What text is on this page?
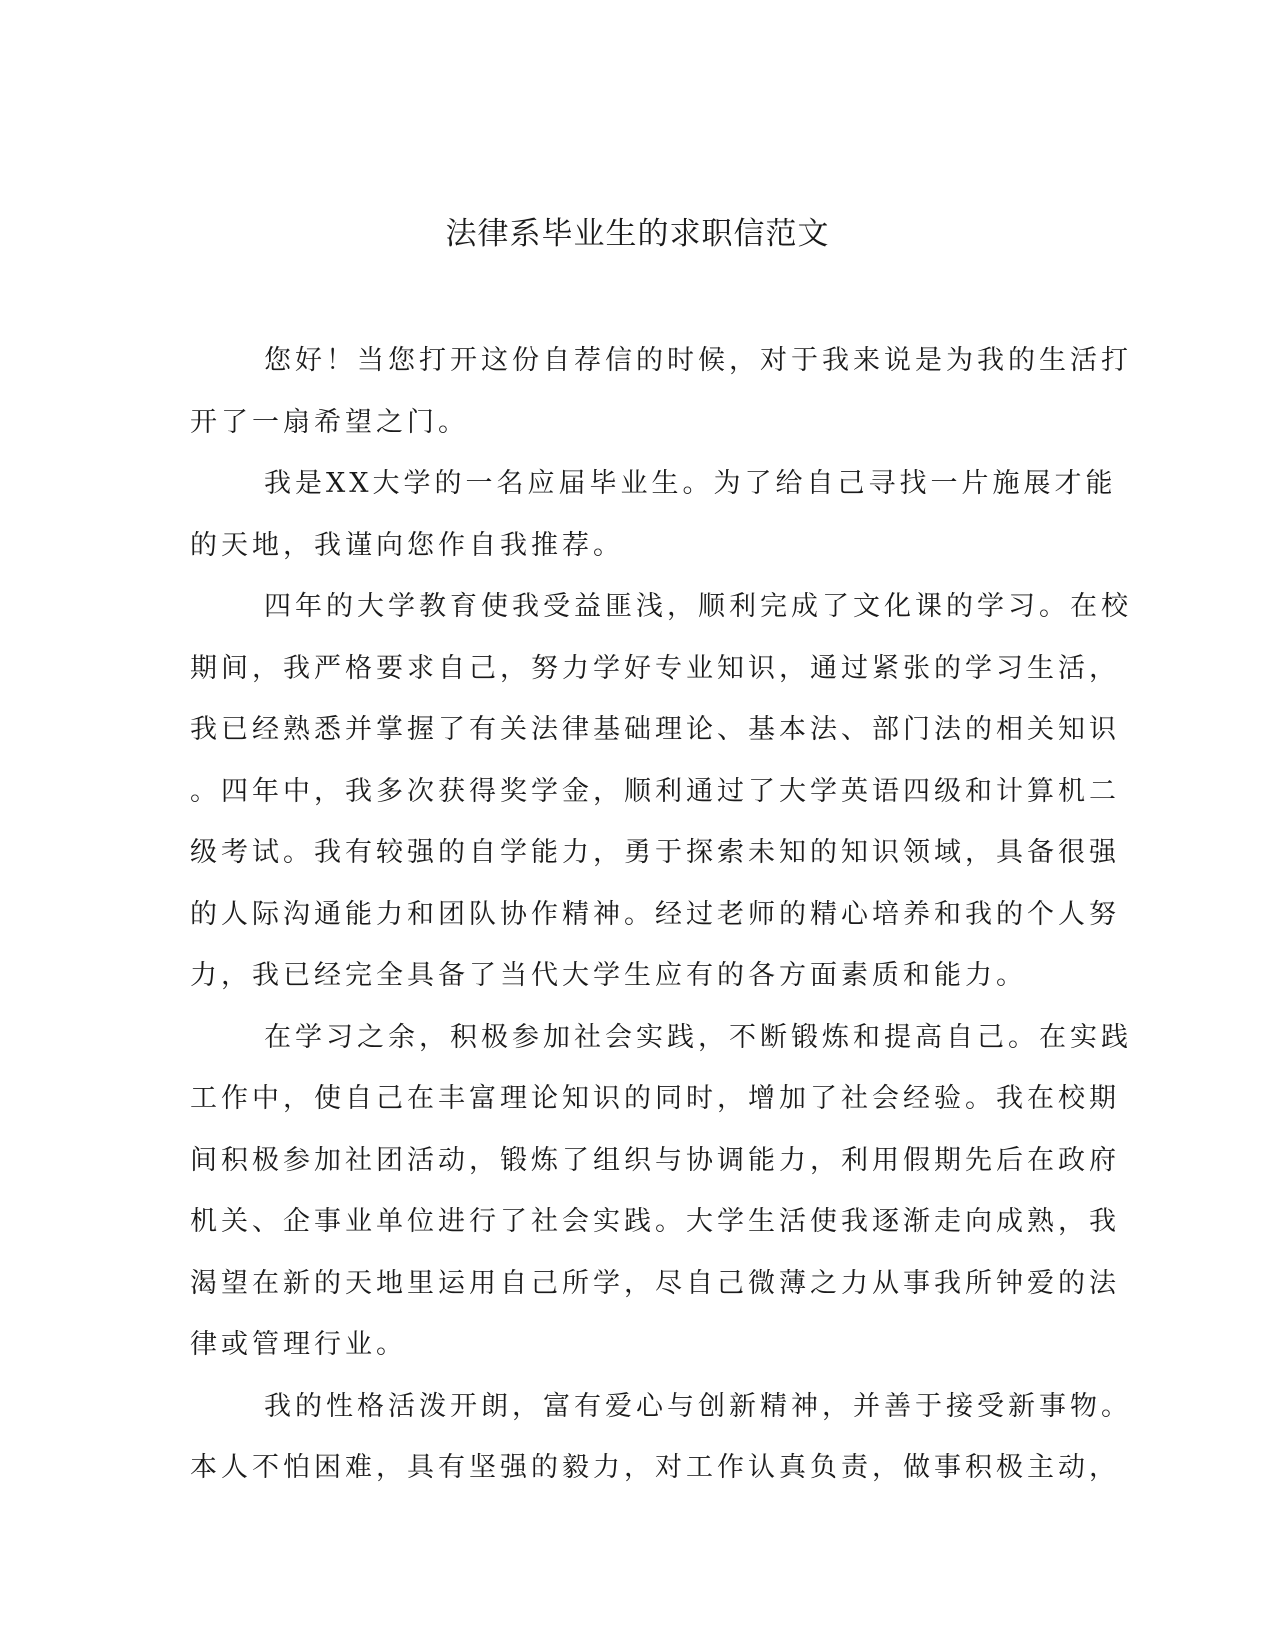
法律系毕业生的求职信范文

您好！当您打开这份自荐信的时候，对于我来说是为我的生活打
开了一扇希望之门。

我是XX大学的一名应届毕业生。为了给自己寻找一片施展才能
的天地，我谨向您作自我推荐。

四年的大学教育使我受益匪浅，顺利完成了文化课的学习。在校
期间，我严格要求自己，努力学好专业知识，通过紧张的学习生活，
我已经熟悉并掌握了有关法律基础理论、基本法、部门法的相关知识
。四年中，我多次获得奖学金，顺利通过了大学英语四级和计算机二
级考试。我有较强的自学能力，勇于探索未知的知识领域，具备很强
的人际沟通能力和团队协作精神。经过老师的精心培养和我的个人努
力，我已经完全具备了当代大学生应有的各方面素质和能力。

在学习之余，积极参加社会实践，不断锻炼和提高自己。在实践
工作中，使自己在丰富理论知识的同时，增加了社会经验。我在校期
间积极参加社团活动，锻炼了组织与协调能力，利用假期先后在政府
机关、企事业单位进行了社会实践。大学生活使我逐渐走向成熟，我
渴望在新的天地里运用自己所学，尽自己微薄之力从事我所钟爱的法
律或管理行业。

我的性格活泼开朗，富有爱心与创新精神，并善于接受新事物。
本人不怕困难，具有坚强的毅力，对工作认真负责，做事积极主动，
